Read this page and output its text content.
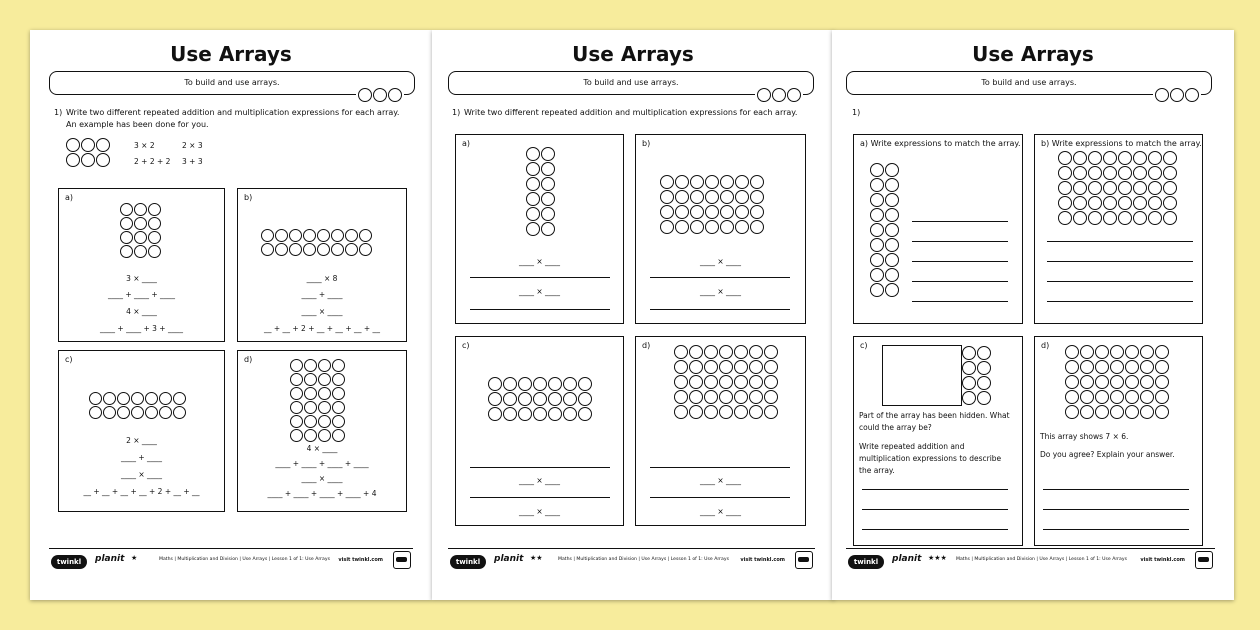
Use Arrays
To build and use arrays.
1) Write two different repeated addition and multiplication expressions for each array.
An example has been done for you.
3 × 2	2 × 3
2 + 2 + 2 3 + 3
a)
3 × ____
____ + ____ + ____
4 × ____
____ + ____ + 3 + ____
b)
____ × 8
____ + ____
____ × ____
__ + __ + 2 + __ + __ + __ + __
c)
2 × ____
____ + ____
____ × ____
__ + __ + __ + __ + 2 + __ + __
d)
4 × ____
____ + ____ + ____ + ____
____ × ____
____ + ____ + ____ + ____ + 4
twinkl	planit ★	Maths | Multiplication and Division | Use Arrays | Lesson 1 of 1: Use Arrays visit twinkl.com
Use Arrays
To build and use arrays.
1) Write two different repeated addition and multiplication expressions for each array.
a)
____ × ____
____ × ____
b)
____ × ____
____ × ____
c)
____ × ____
____ × ____
d)
____ × ____
____ × ____
twinkl	planit ★★	Maths | Multiplication and Division | Use Arrays | Lesson 1 of 1: Use Arrays visit twinkl.com
Use Arrays
To build and use arrays.
1)
a) Write expressions to match the array.	b) Write expressions to match the array.
c)
Part of the array has been hidden. What could the array be?
Write repeated addition and multiplication expressions to describe the array.
d)
This array shows 7 × 6.
Do you agree? Explain your answer.
twinkl	planit ★★★ Maths | Multiplication and Division | Use Arrays | Lesson 1 of 1: Use Arrays	visit twinkl.com
